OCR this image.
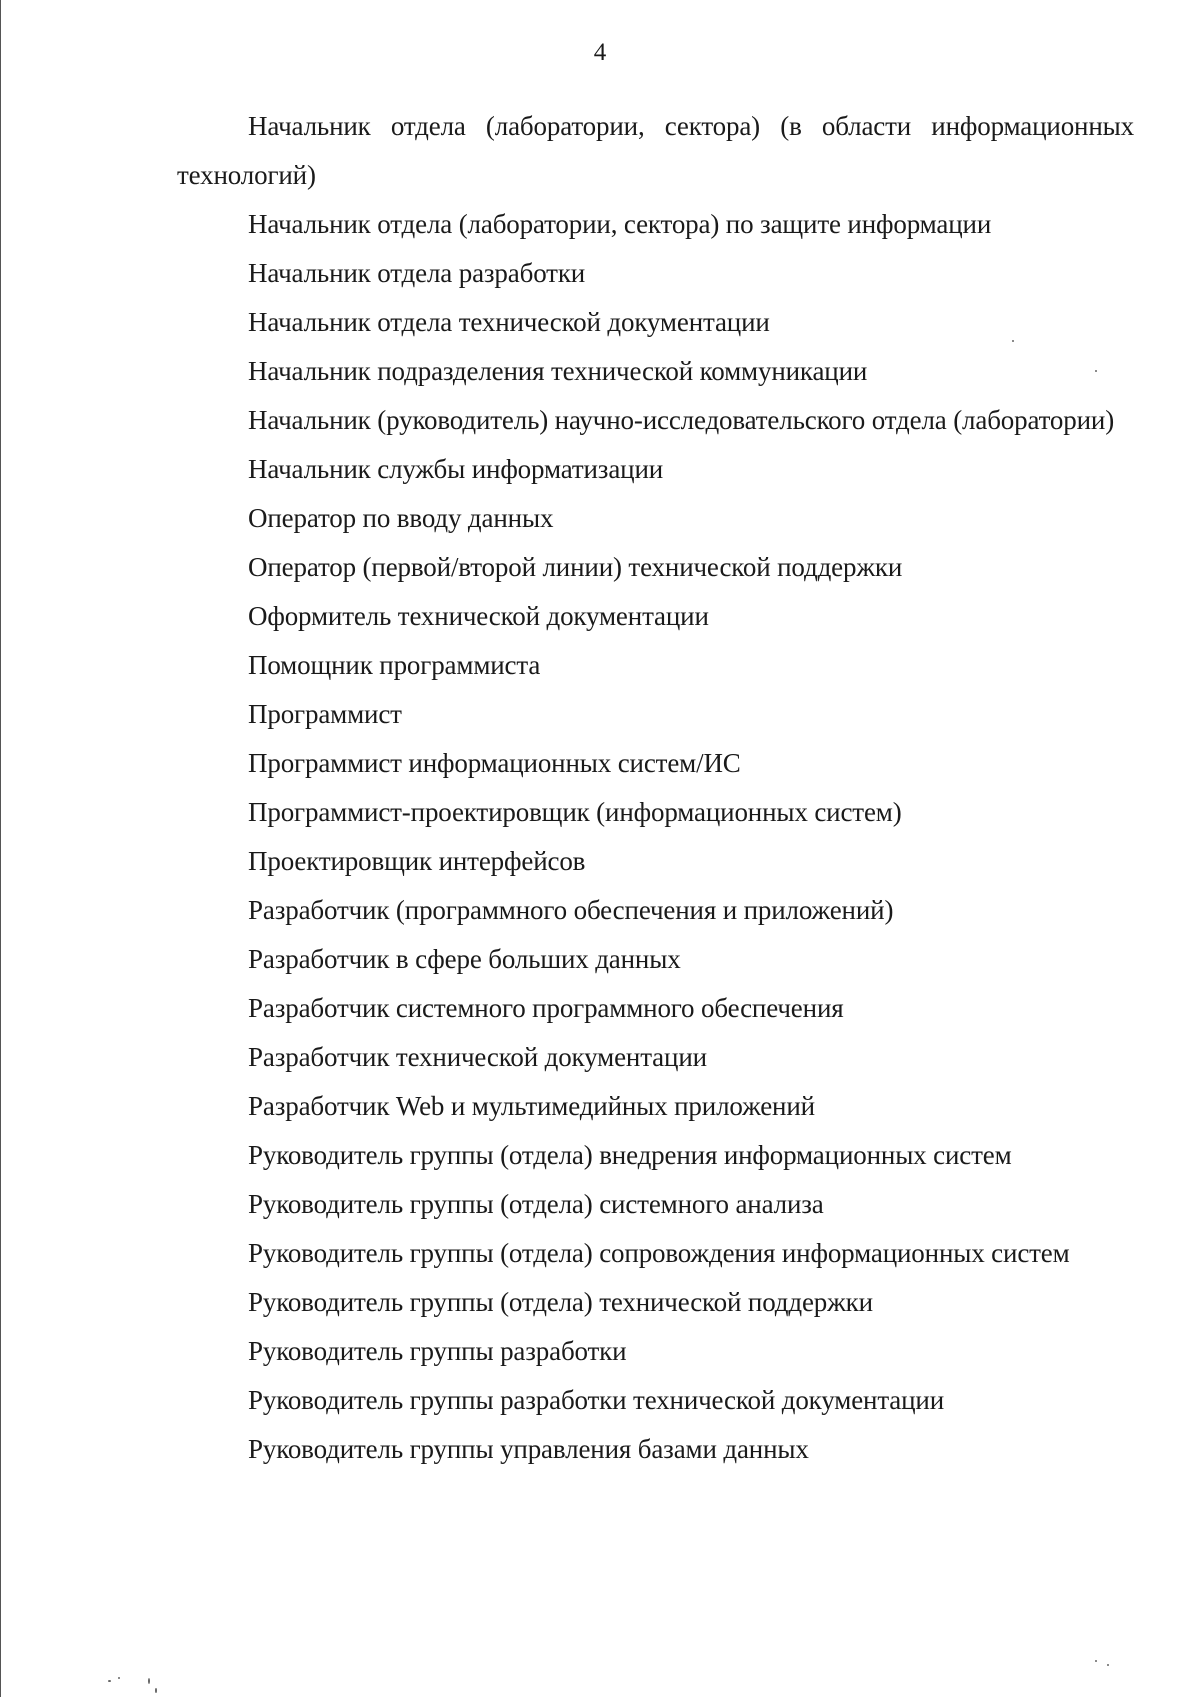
4

Начальник отдела (лаборатории, сектора) (в области информационных технологий)

Начальник отдела (лаборатории, сектора) по защите информации

Начальник отдела разработки

Начальник отдела технической документации

Начальник подразделения технической коммуникации

Начальник (руководитель) научно-исследовательского отдела (лаборатории)

Начальник службы информатизации

Оператор по вводу данных

Оператор (первой/второй линии) технической поддержки

Оформитель технической документации

Помощник программиста

Программист

Программист информационных систем/ИС

Программист-проектировщик (информационных систем)

Проектировщик интерфейсов

Разработчик (программного обеспечения и приложений)

Разработчик в сфере больших данных

Разработчик системного программного обеспечения

Разработчик технической документации

Разработчик Web и мультимедийных приложений

Руководитель группы (отдела) внедрения информационных систем

Руководитель группы (отдела) системного анализа

Руководитель группы (отдела) сопровождения информационных систем

Руководитель группы (отдела) технической поддержки

Руководитель группы разработки

Руководитель группы разработки технической документации

Руководитель группы управления базами данных
